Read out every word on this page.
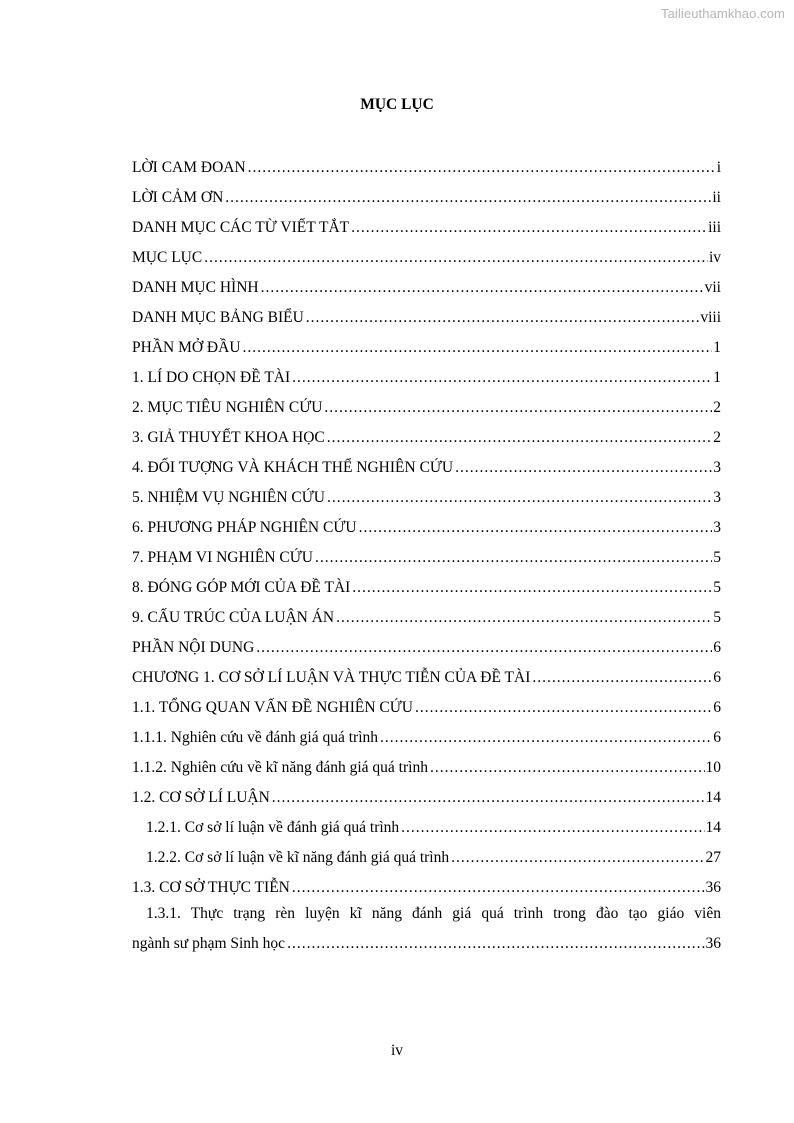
Tailieuthamkhao.com
MỤC LỤC
LỜI CAM ĐOAN .....	i
LỜI CẢM ƠN .....	ii
DANH MỤC CÁC TỪ VIẾT TẮT .....	iii
MỤC LỤC .....	iv
DANH MỤC HÌNH .....	vii
DANH MỤC BẢNG BIỂU .....	viii
PHẦN MỞ ĐẦU .....	1
1. LÍ DO CHỌN ĐỀ TÀI .....	1
2. MỤC TIÊU NGHIÊN CỨU .....	2
3. GIẢ THUYẾT KHOA HỌC .....	2
4. ĐỐI TƯỢNG VÀ KHÁCH THỂ NGHIÊN CỨU .....	3
5. NHIỆM VỤ NGHIÊN CỨU .....	3
6. PHƯƠNG PHÁP NGHIÊN CỨU .....	3
7. PHẠM VI NGHIÊN CỨU .....	5
8. ĐÓNG GÓP MỚI CỦA ĐỀ TÀI .....	5
9. CẤU TRÚC CỦA LUẬN ÁN .....	5
PHẦN NỘI DUNG .....	6
CHƯƠNG 1. CƠ SỞ LÍ LUẬN VÀ THỰC TIỄN CỦA ĐỀ TÀI .....	6
1.1. TỔNG QUAN VẤN ĐỀ NGHIÊN CỨU .....	6
1.1.1. Nghiên cứu về đánh giá quá trình .....	6
1.1.2. Nghiên cứu về kĩ năng đánh giá quá trình .....	10
1.2. CƠ SỞ LÍ LUẬN .....	14
1.2.1. Cơ sở lí luận về đánh giá quá trình .....	14
1.2.2. Cơ sở lí luận về kĩ năng đánh giá quá trình .....	27
1.3. CƠ SỞ THỰC TIỄN .....	36
1.3.1. Thực trạng rèn luyện kĩ năng đánh giá quá trình trong đào tạo giáo viên
ngành sư phạm Sinh học .....	36
iv
